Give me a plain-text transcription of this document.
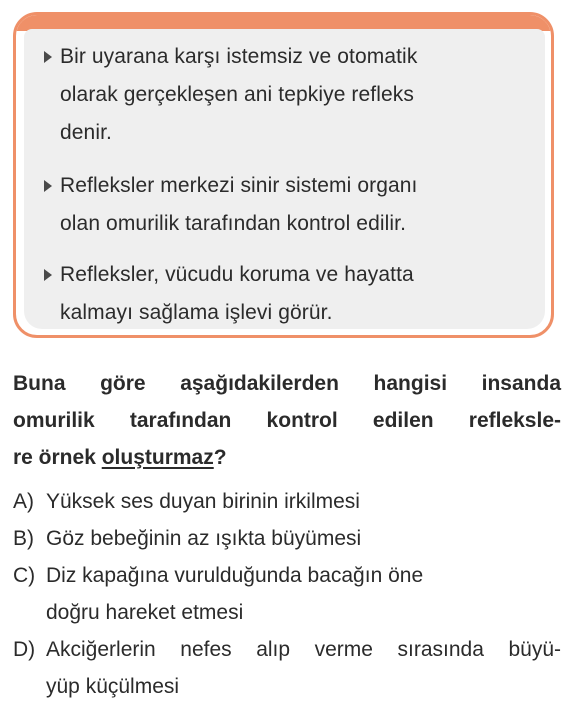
Bir uyarana karşı istemsiz ve otomatik
olarak gerçekleşen ani tepkiye refleks
denir.
Refleksler merkezi sinir sistemi organı
olan omurilik tarafından kontrol edilir.
Refleksler, vücudu koruma ve hayatta
kalmayı sağlama işlevi görür.
Buna göre aşağıdakilerden hangisi insanda
omurilik tarafından kontrol edilen refleksle-
re örnek oluşturmaz?
A) Yüksek ses duyan birinin irkilmesi
B) Göz bebeğinin az ışıkta büyümesi
C) Diz kapağına vurulduğunda bacağın öne
doğru hareket etmesi
D) Akciğerlerin nefes alıp verme sırasında büyü-
yüp küçülmesi
